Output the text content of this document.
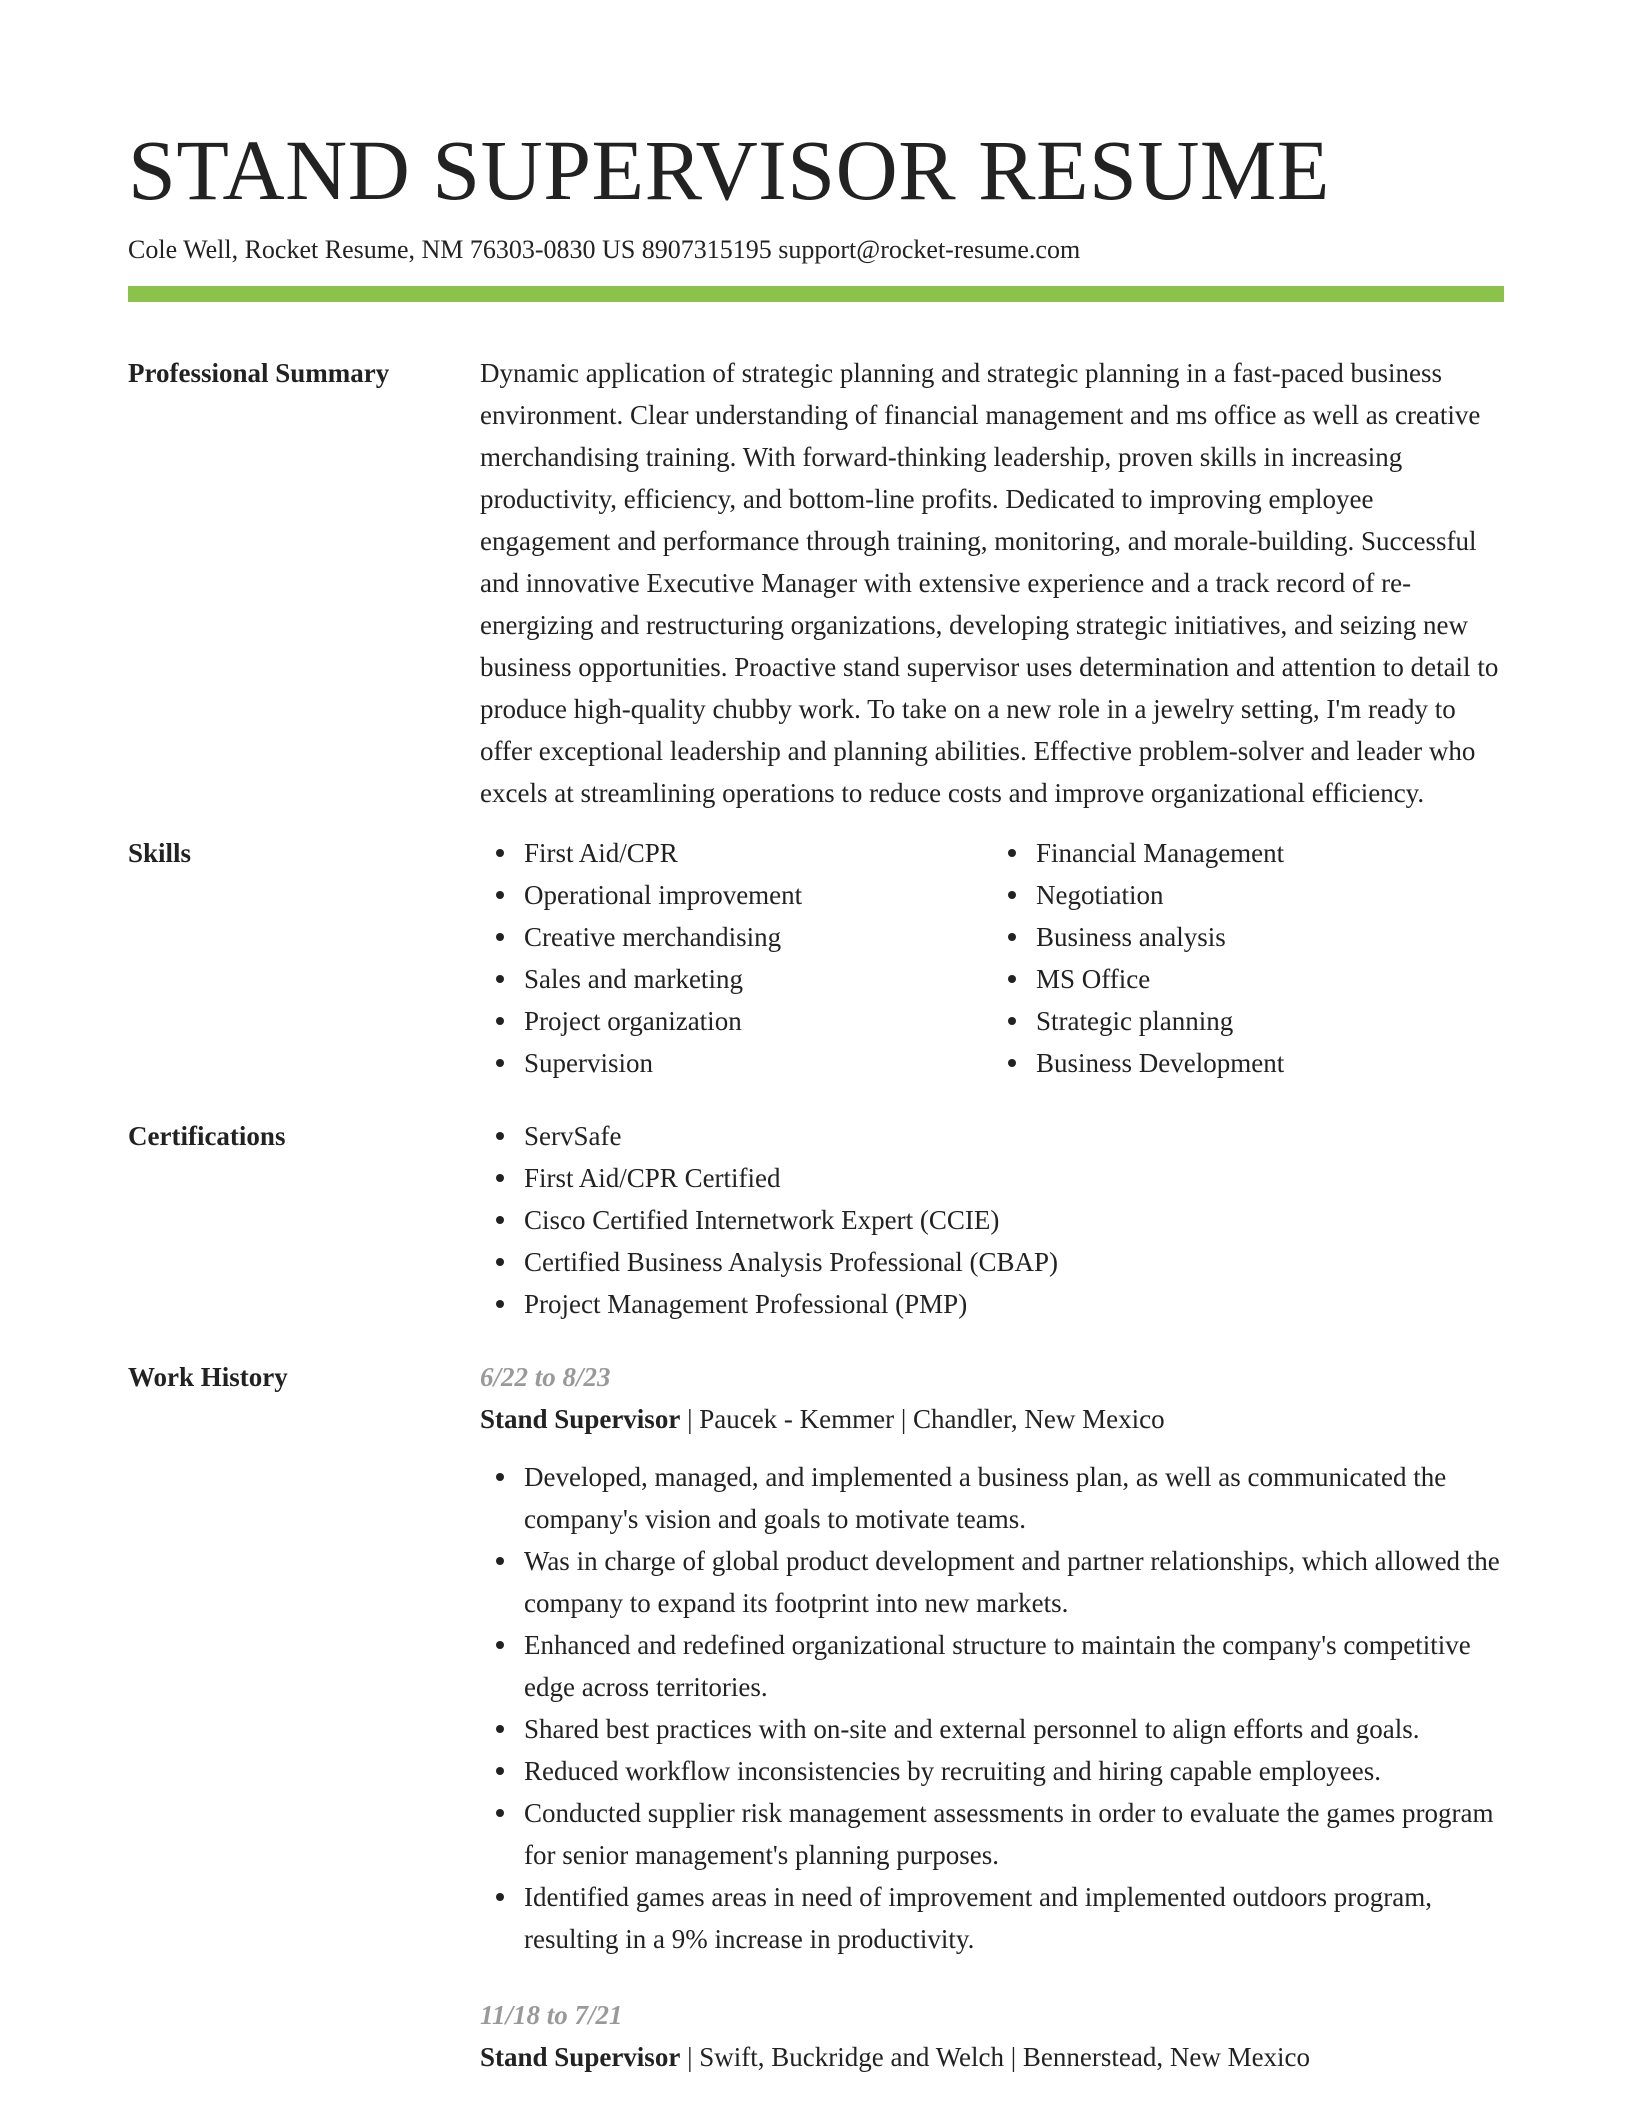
STAND SUPERVISOR RESUME
Cole Well, Rocket Resume, NM 76303-0830 US 8907315195 support@rocket-resume.com
Professional Summary	Dynamic application of strategic planning and strategic planning in a fast-paced business environment. Clear understanding of financial management and ms office as well as creative merchandising training. With forward-thinking leadership, proven skills in increasing productivity, efficiency, and bottom-line profits. Dedicated to improving employee engagement and performance through training, monitoring, and morale-building. Successful and innovative Executive Manager with extensive experience and a track record of re-energizing and restructuring organizations, developing strategic initiatives, and seizing new business opportunities. Proactive stand supervisor uses determination and attention to detail to produce high-quality chubby work. To take on a new role in a jewelry setting, I'm ready to offer exceptional leadership and planning abilities. Effective problem-solver and leader who excels at streamlining operations to reduce costs and improve organizational efficiency.

Skills	First Aid/CPR
Operational improvement
Creative merchandising
Sales and marketing
Project organization
Supervision
Financial Management
Negotiation
Business analysis
MS Office
Strategic planning
Business Development
Certifications	ServSafe
First Aid/CPR Certified
Cisco Certified Internetwork Expert (CCIE)
Certified Business Analysis Professional (CBAP)
Project Management Professional (PMP)
Work History	6/22 to 8/23
Stand Supervisor | Paucek - Kemmer | Chandler, New Mexico
Developed, managed, and implemented a business plan, as well as communicated the company's vision and goals to motivate teams.
Was in charge of global product development and partner relationships, which allowed the company to expand its footprint into new markets.
Enhanced and redefined organizational structure to maintain the company's competitive edge across territories.
Shared best practices with on-site and external personnel to align efforts and goals.
Reduced workflow inconsistencies by recruiting and hiring capable employees.
Conducted supplier risk management assessments in order to evaluate the games program for senior management's planning purposes.
Identified games areas in need of improvement and implemented outdoors program, resulting in a 9% increase in productivity.
11/18 to 7/21
Stand Supervisor | Swift, Buckridge and Welch | Bennerstead, New Mexico
